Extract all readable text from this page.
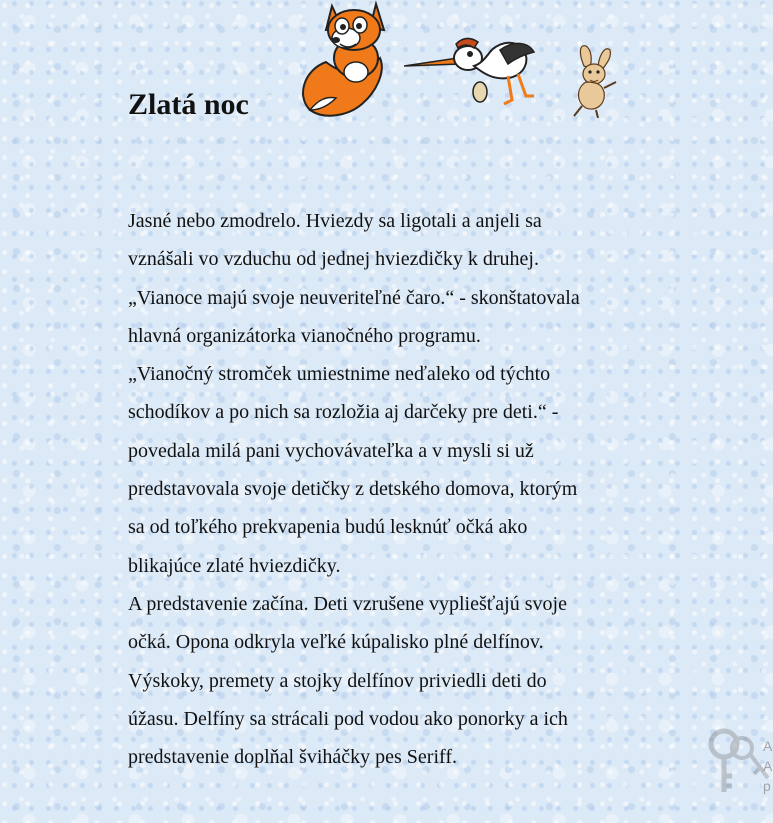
Zlatá noc
Jasné nebo zmodrelo. Hviezdy sa ligotali a anjeli sa
vznášali vo vzduchu od jednej hviezdičky k druhej.
„Vianoce majú svoje neuveriteľné čaro.“ - skonštatovala
hlavná organizátorka vianočného programu.
„Vianočný stromček umiestnime neďaleko od týchto
schodíkov a po nich sa rozložia aj darčeky pre deti.“ -
povedala milá pani vychovávateľka a v mysli si už
predstavovala svoje detičky z detského domova, ktorým
sa od toľkého prekvapenia budú lesknúť očká ako
blikajúce zlaté hviezdičky.
A predstavenie začína. Deti vzrušene vypliešťajú svoje
očká. Opona odkryla veľké kúpalisko plné delfínov.
Výskoky, premety a stojky delfínov priviedli deti do
úžasu. Delfíny sa strácali pod vodou ako ponorky a ich
predstavenie doplňal šviháčky pes Seriff.
A
A
p
